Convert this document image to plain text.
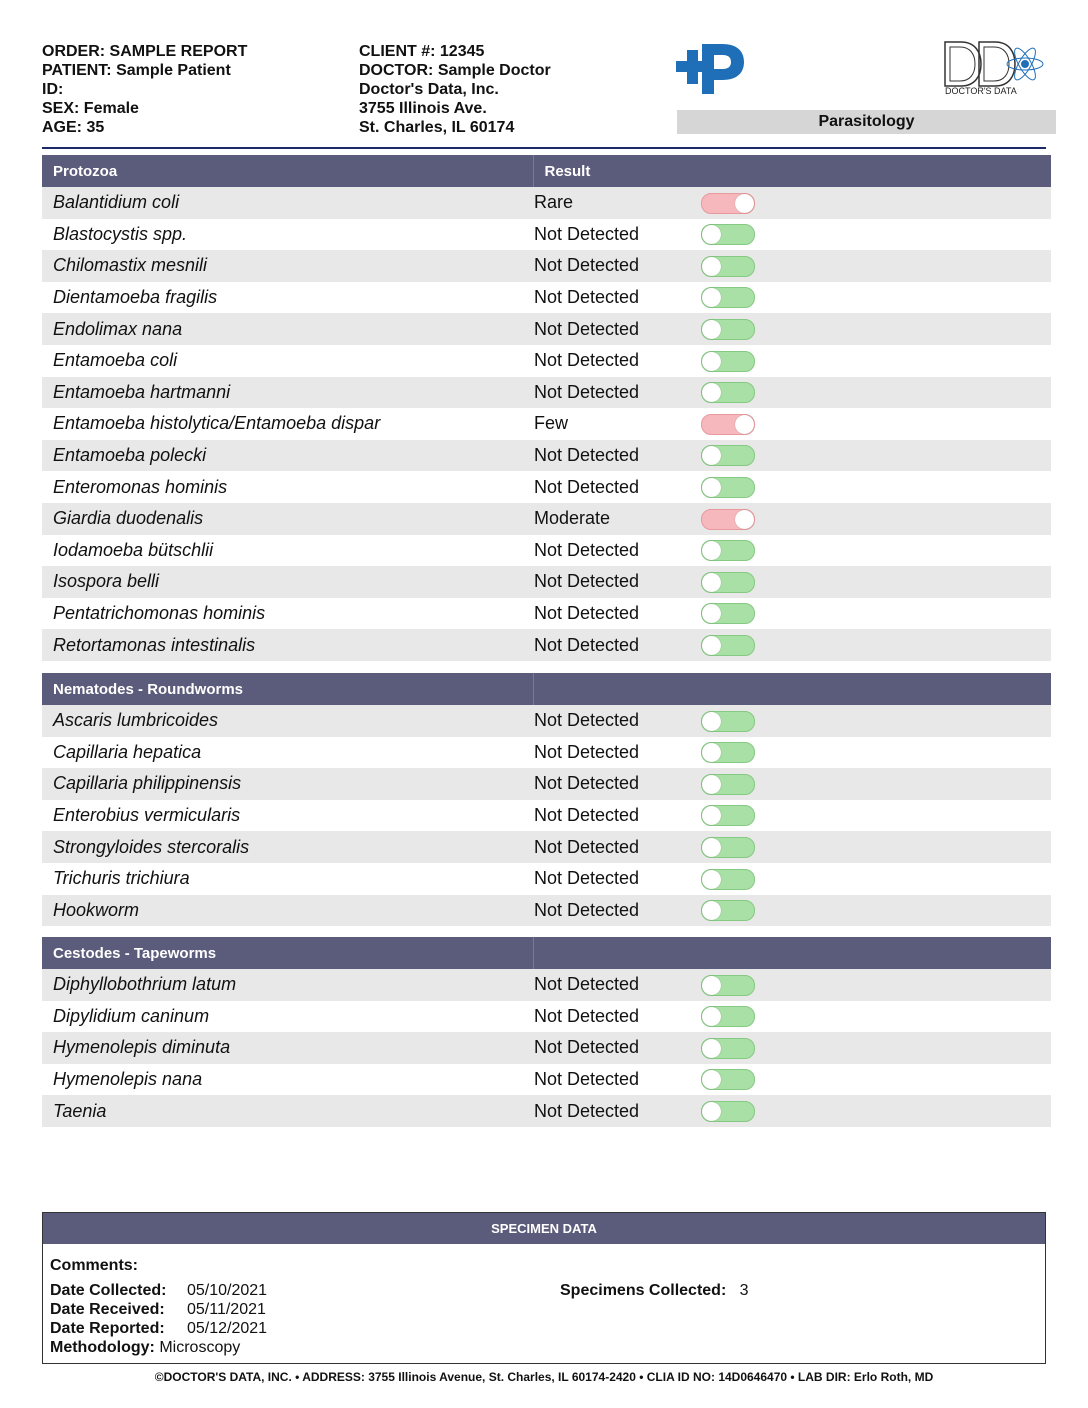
ORDER: SAMPLE REPORT
PATIENT: Sample Patient
ID:
SEX: Female
AGE: 35
CLIENT #: 12345
DOCTOR: Sample Doctor
Doctor's Data, Inc.
3755 Illinois Ave.
St. Charles, IL 60174
DOCTOR'S DATA
Parasitology
Protozoa	Result	
Balantidium coli	Rare	

Blastocystis spp.	Not Detected	

Chilomastix mesnili	Not Detected	

Dientamoeba fragilis	Not Detected	

Endolimax nana	Not Detected	

Entamoeba coli	Not Detected	

Entamoeba hartmanni	Not Detected	

Entamoeba histolytica/Entamoeba dispar	Few	

Entamoeba polecki	Not Detected	

Enteromonas hominis	Not Detected	

Giardia duodenalis	Moderate	

Iodamoeba bütschlii	Not Detected	

Isospora belli	Not Detected	

Pentatrichomonas hominis	Not Detected	

Retortamonas intestinalis	Not Detected	
Nematodes - Roundworms		
Ascaris lumbricoides	Not Detected	

Capillaria hepatica	Not Detected	

Capillaria philippinensis	Not Detected	

Enterobius vermicularis	Not Detected	

Strongyloides stercoralis	Not Detected	

Trichuris trichiura	Not Detected	

Hookworm	Not Detected	
Cestodes - Tapeworms		
Diphyllobothrium latum	Not Detected	

Dipylidium caninum	Not Detected	

Hymenolepis diminuta	Not Detected	

Hymenolepis nana	Not Detected	

Taenia	Not Detected	
SPECIMEN DATA
Comments:
Date Collected: 05/10/2021
Date Received: 05/11/2021
Date Reported: 05/12/2021
Methodology: Microscopy
Specimens Collected: 3
©DOCTOR'S DATA, INC. • ADDRESS: 3755 Illinois Avenue, St. Charles, IL 60174-2420 • CLIA ID NO: 14D0646470 • LAB DIR: Erlo Roth, MD
